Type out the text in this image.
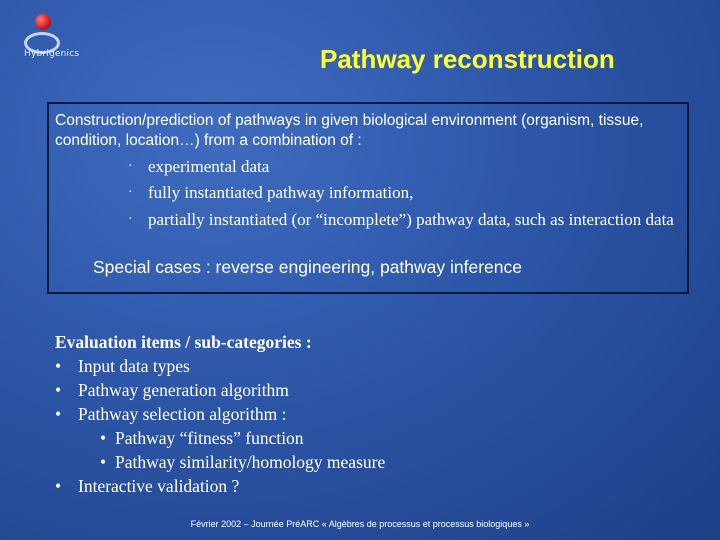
Hybrigenics	Pathway reconstruction
Construction/prediction of pathways in given biological environment (organism, tissue, condition, location…) from a combination of :
· experimental data
· fully instantiated pathway information,
· partially instantiated (or “incomplete”) pathway data, such as interaction data
Special cases : reverse engineering, pathway inference
Evaluation items / sub-categories :
• Input data types
• Pathway generation algorithm
• Pathway selection algorithm :
• Pathway “fitness” function
• Pathway similarity/homology measure
• Interactive validation ?
Février 2002 – Journée PréARC « Algèbres de processus et processus biologiques »
